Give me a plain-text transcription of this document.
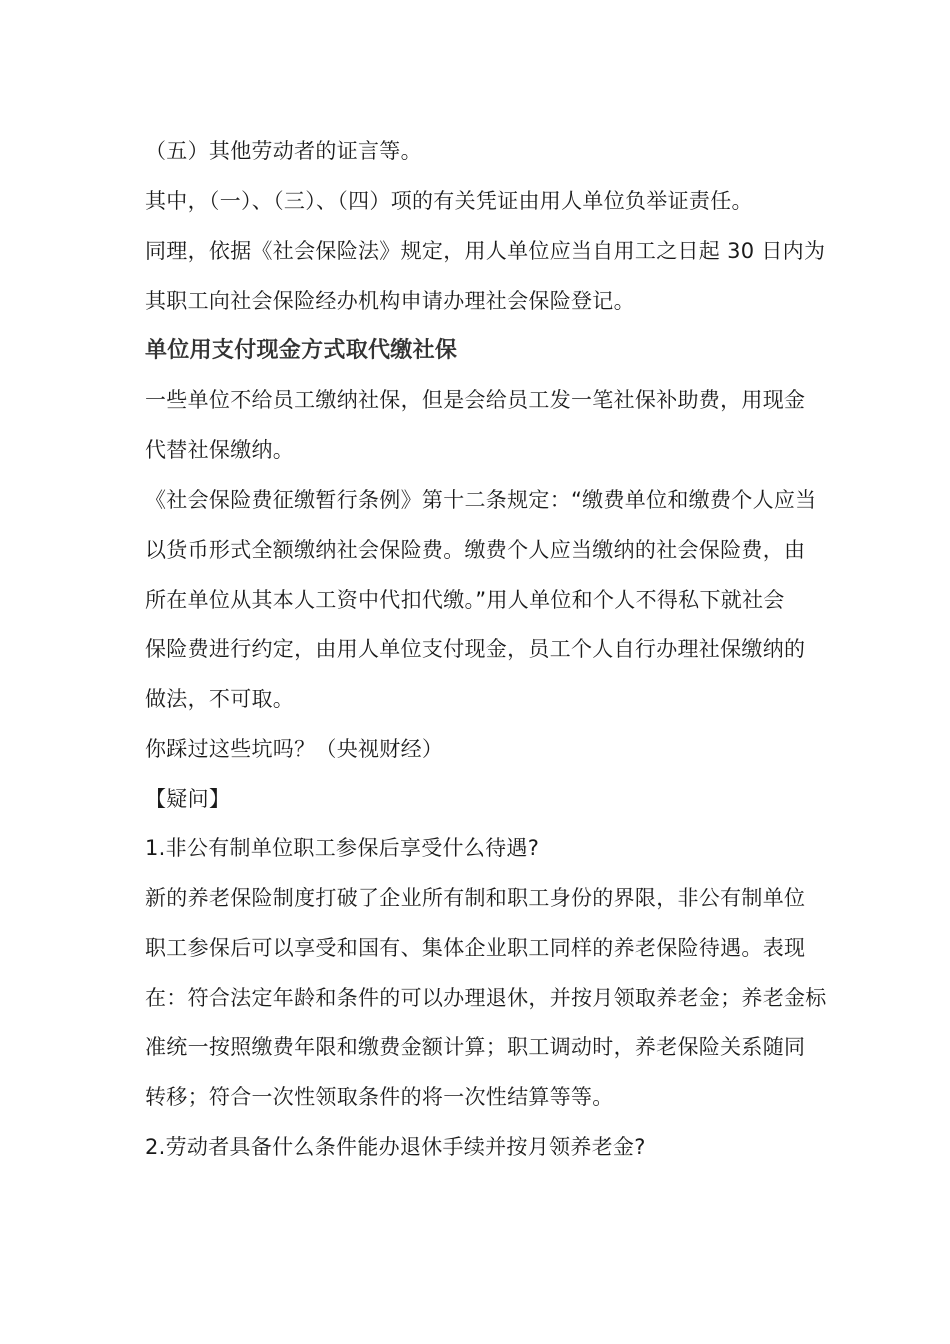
（五）其他劳动者的证言等。
其中，（一）、（三）、（四）项的有关凭证由用人单位负举证责任。
同理，依据《社会保险法》规定，用人单位应当自用工之日起 30 日内为
其职工向社会保险经办机构申请办理社会保险登记。
单位用支付现金方式取代缴社保
一些单位不给员工缴纳社保，但是会给员工发一笔社保补助费，用现金
代替社保缴纳。
《社会保险费征缴暂行条例》第十二条规定：“缴费单位和缴费个人应当
以货币形式全额缴纳社会保险费。缴费个人应当缴纳的社会保险费，由
所在单位从其本人工资中代扣代缴。”用人单位和个人不得私下就社会
保险费进行约定，由用人单位支付现金，员工个人自行办理社保缴纳的
做法，不可取。
你踩过这些坑吗？（央视财经）
【疑问】
1.非公有制单位职工参保后享受什么待遇?
新的养老保险制度打破了企业所有制和职工身份的界限，非公有制单位
职工参保后可以享受和国有、集体企业职工同样的养老保险待遇。表现
在：符合法定年龄和条件的可以办理退休，并按月领取养老金；养老金标
准统一按照缴费年限和缴费金额计算；职工调动时，养老保险关系随同
转移；符合一次性领取条件的将一次性结算等等。
2.劳动者具备什么条件能办退休手续并按月领养老金?
